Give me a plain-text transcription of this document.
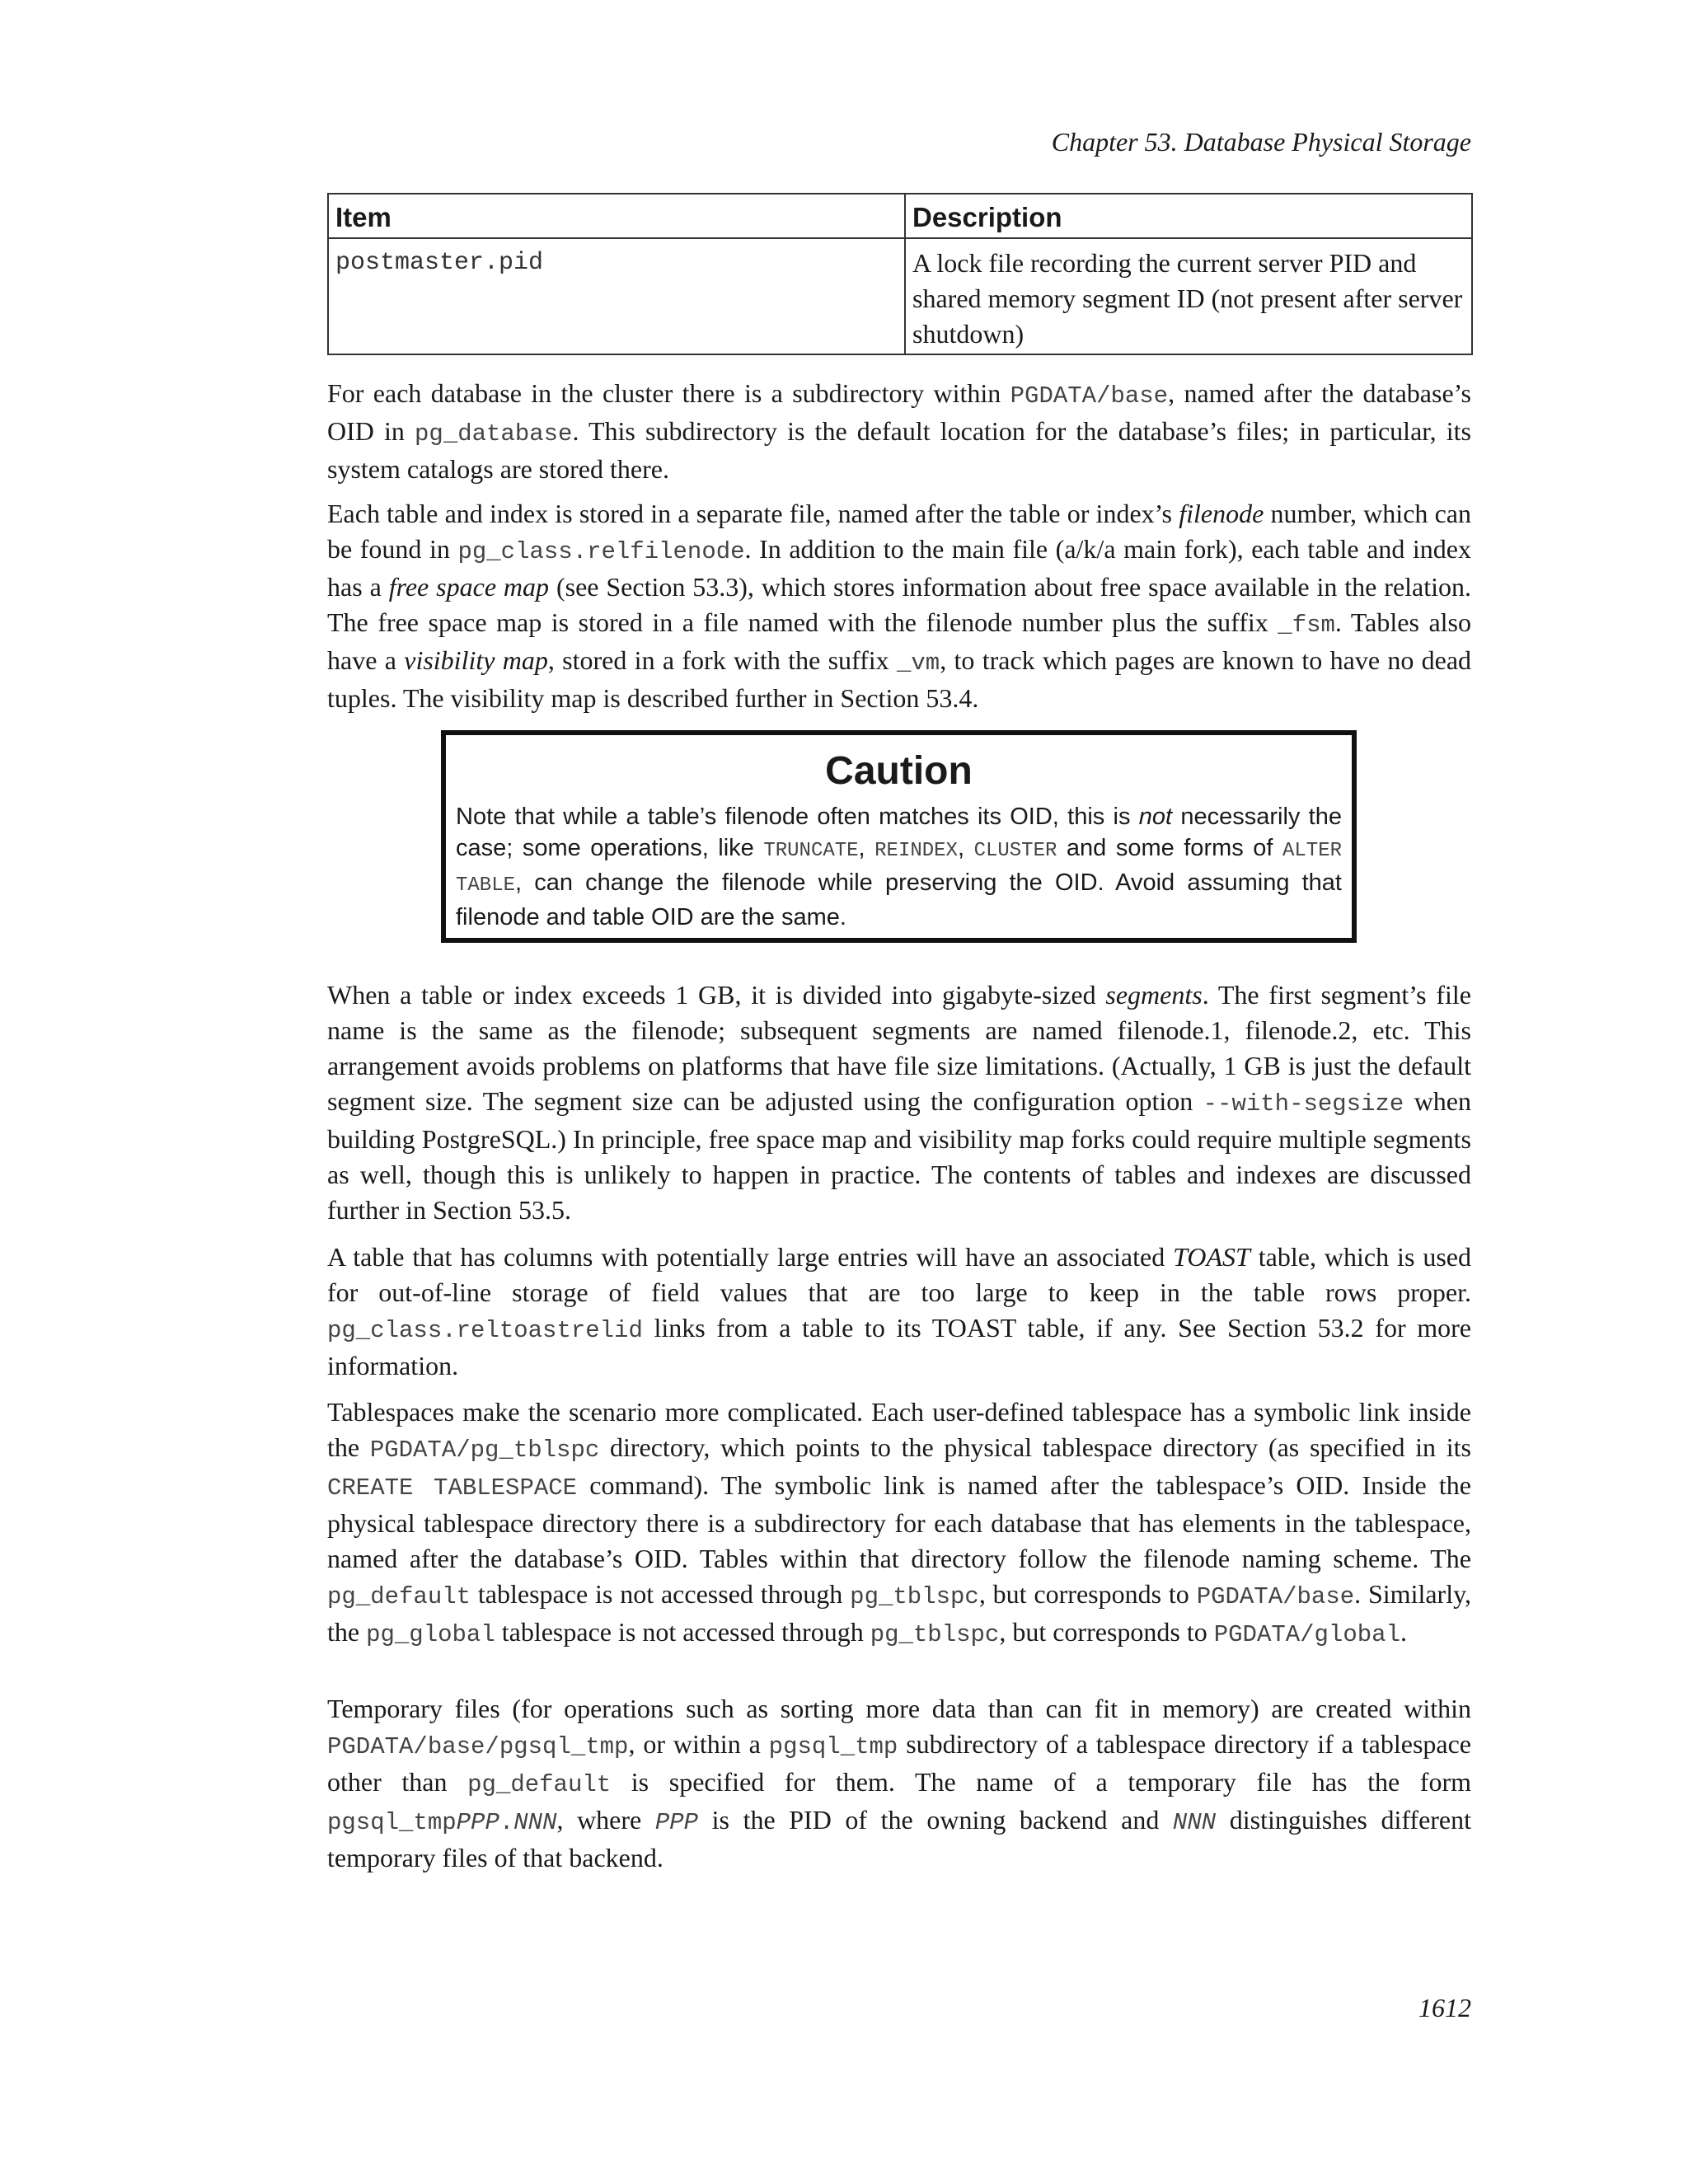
Chapter 53. Database Physical Storage

Item	Description
postmaster.pid	A lock file recording the current server PID and shared memory segment ID (not present after server shutdown)

For each database in the cluster there is a subdirectory within PGDATA/base, named after the database’s OID in pg_database. This subdirectory is the default location for the database’s files; in particular, its system catalogs are stored there.

Each table and index is stored in a separate file, named after the table or index’s filenode number, which can be found in pg_class.relfilenode. In addition to the main file (a/k/a main fork), each table and index has a free space map (see Section 53.3), which stores information about free space available in the relation. The free space map is stored in a file named with the filenode number plus the suffix _fsm. Tables also have a visibility map, stored in a fork with the suffix _vm, to track which pages are known to have no dead tuples. The visibility map is described further in Section 53.4.

Caution

Note that while a table’s filenode often matches its OID, this is not necessarily the case; some operations, like TRUNCATE, REINDEX, CLUSTER and some forms of ALTER TABLE, can change the filenode while preserving the OID. Avoid assuming that filenode and table OID are the same.

When a table or index exceeds 1 GB, it is divided into gigabyte-sized segments. The first segment’s file name is the same as the filenode; subsequent segments are named filenode.1, filenode.2, etc. This arrangement avoids problems on platforms that have file size limitations. (Actually, 1 GB is just the default segment size. The segment size can be adjusted using the configuration option --with-segsize when building PostgreSQL.) In principle, free space map and visibility map forks could require multiple segments as well, though this is unlikely to happen in practice. The contents of tables and indexes are discussed further in Section 53.5.

A table that has columns with potentially large entries will have an associated TOAST table, which is used for out-of-line storage of field values that are too large to keep in the table rows proper. pg_class.reltoastrelid links from a table to its TOAST table, if any. See Section 53.2 for more information.

Tablespaces make the scenario more complicated. Each user-defined tablespace has a symbolic link inside the PGDATA/pg_tblspc directory, which points to the physical tablespace directory (as specified in its CREATE TABLESPACE command). The symbolic link is named after the tablespace’s OID. Inside the physical tablespace directory there is a subdirectory for each database that has elements in the tablespace, named after the database’s OID. Tables within that directory follow the filenode naming scheme. The pg_default tablespace is not accessed through pg_tblspc, but corresponds to PGDATA/base. Similarly, the pg_global tablespace is not accessed through pg_tblspc, but corresponds to PGDATA/global.

Temporary files (for operations such as sorting more data than can fit in memory) are created within PGDATA/base/pgsql_tmp, or within a pgsql_tmp subdirectory of a tablespace directory if a tablespace other than pg_default is specified for them. The name of a temporary file has the form pgsql_tmpPPP.NNN, where PPP is the PID of the owning backend and NNN distinguishes different temporary files of that backend.

1612
